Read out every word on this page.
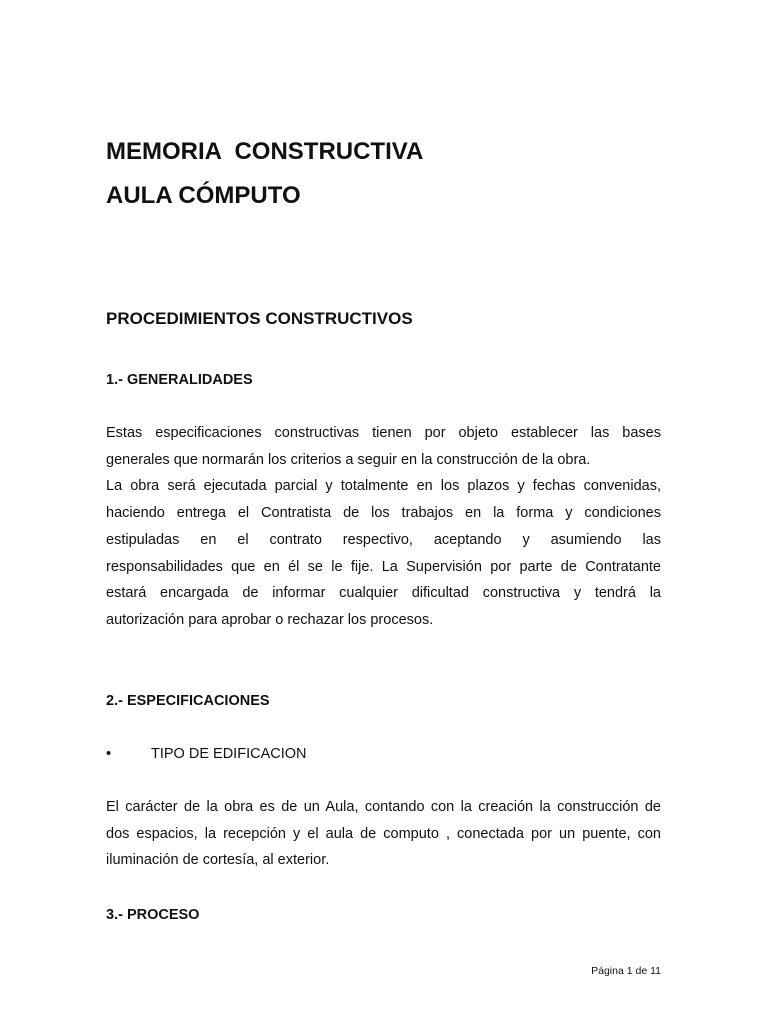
MEMORIA  CONSTRUCTIVA
AULA CÓMPUTO
PROCEDIMIENTOS CONSTRUCTIVOS
1.- GENERALIDADES

Estas especificaciones constructivas tienen por objeto establecer las bases
generales que normarán los criterios a seguir en la construcción de la obra.
La obra será ejecutada parcial y totalmente en los plazos y fechas convenidas,
haciendo entrega el Contratista de los trabajos en la forma y condiciones
estipuladas en el contrato respectivo, aceptando y asumiendo las
responsabilidades que en él se le fije. La Supervisión por parte de Contratante
estará encargada de informar cualquier dificultad constructiva y tendrá la
autorización para aprobar o rechazar los procesos.

2.- ESPECIFICACIONES
•	TIPO DE EDIFICACION

El carácter de la obra es de un Aula, contando con la creación la construcción de
dos espacios, la recepción y el aula de computo , conectada por un puente, con
iluminación de cortesía, al exterior.

3.- PROCESO
Página 1 de 11
